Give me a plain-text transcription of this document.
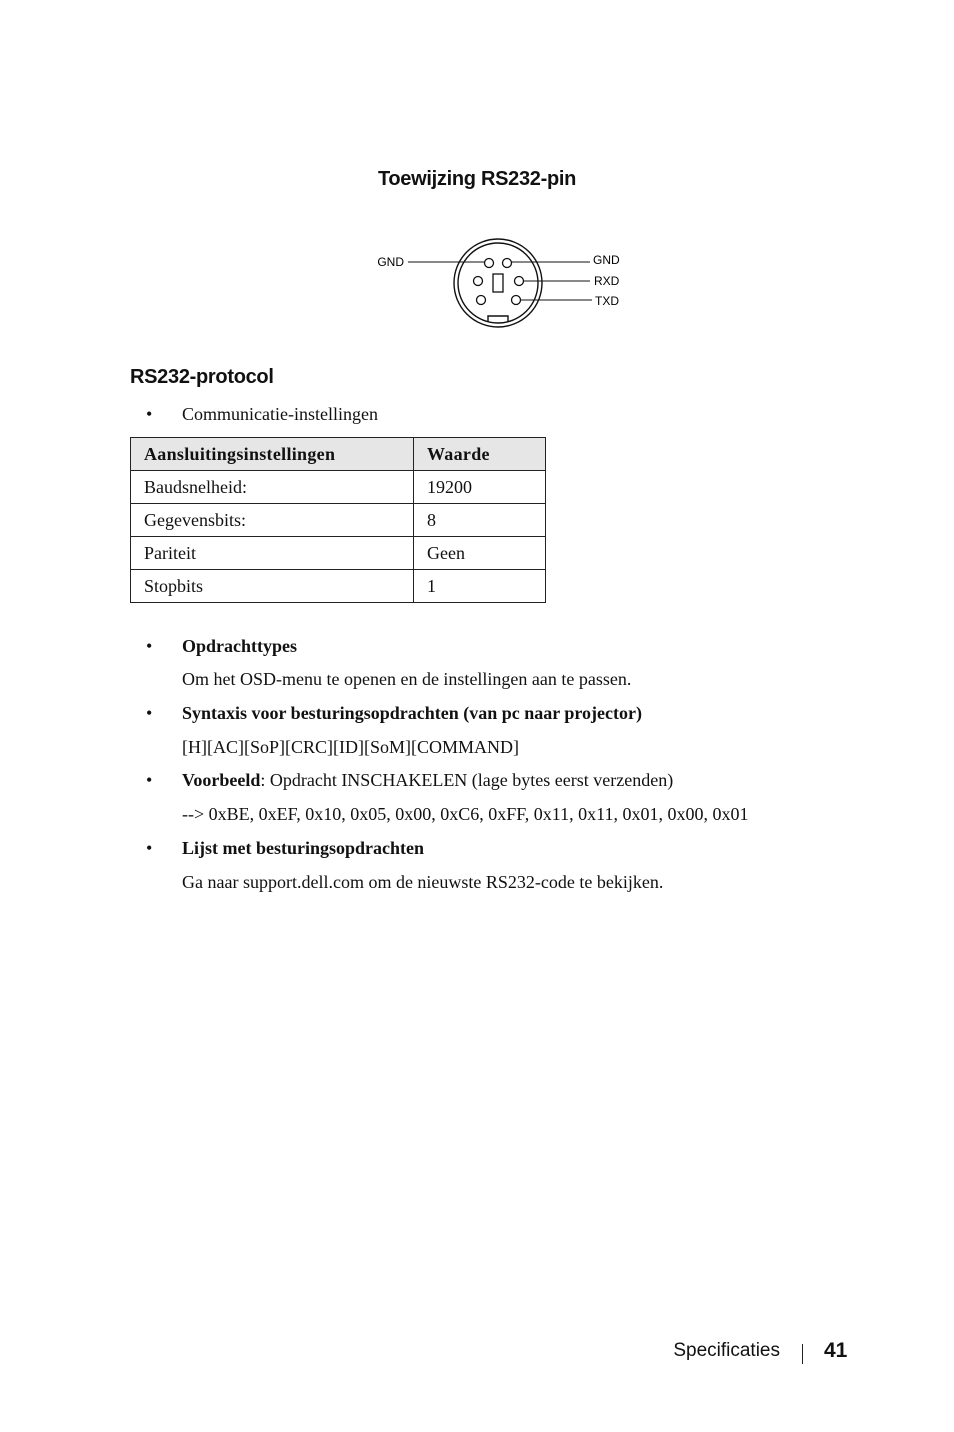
Toewijzing RS232-pin
GND	GND
RXD
TXD
RS232-protocol
• Communicatie-instellingen
Aansluitingsinstellingen	Waarde
Baudsnelheid:	19200
Gegevensbits:	8
Pariteit	Geen
Stopbits	1
• Opdrachttypes
Om het OSD-menu te openen en de instellingen aan te passen.
• Syntaxis voor besturingsopdrachten (van pc naar projector)
[H][AC][SoP][CRC][ID][SoM][COMMAND]
• Voorbeeld: Opdracht INSCHAKELEN (lage bytes eerst verzenden)
--> 0xBE, 0xEF, 0x10, 0x05, 0x00, 0xC6, 0xFF, 0x11, 0x11, 0x01, 0x00, 0x01
• Lijst met besturingsopdrachten
Ga naar support.dell.com om de nieuwste RS232-code te bekijken.
Specificaties 41
